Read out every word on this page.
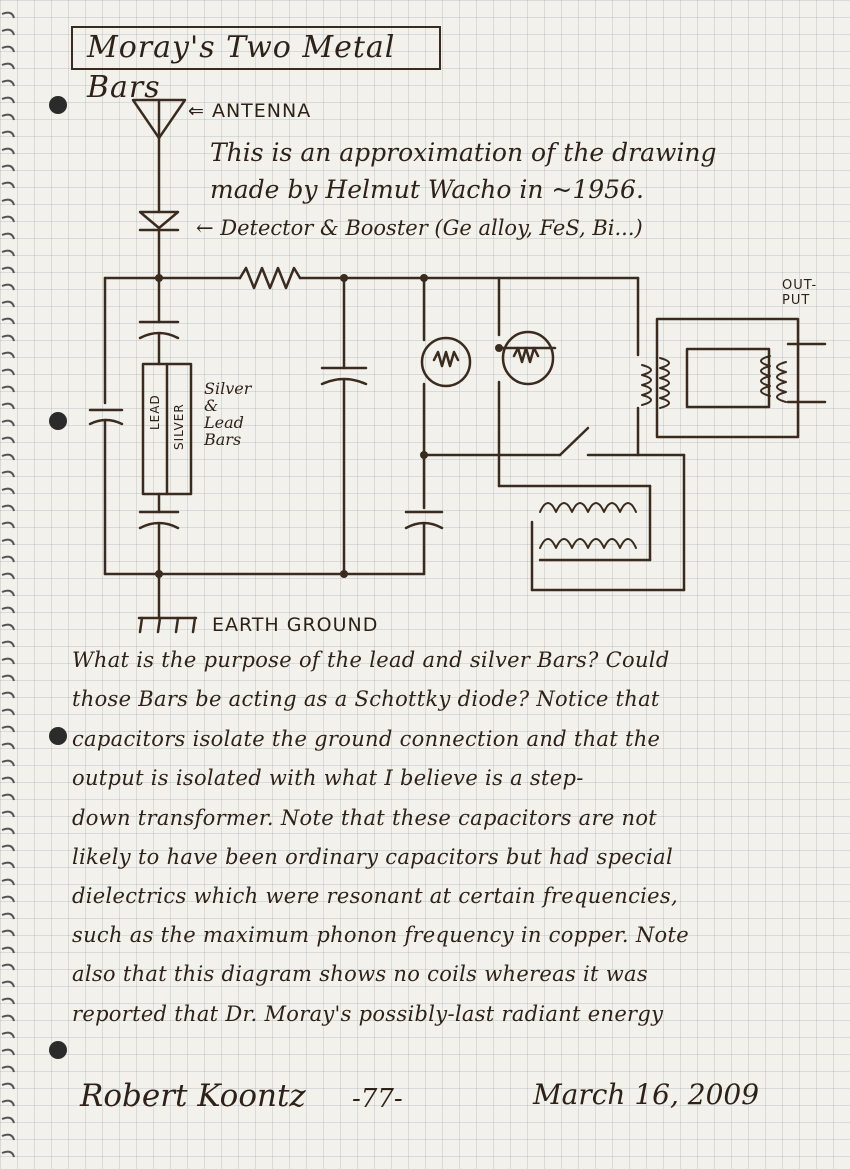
Moray's Two Metal Bars
⇐ ANTENNA
This is an approximation of the drawing
made by Helmut Wacho in ~1956.
← Detector & Booster (Ge alloy, FeS, Bi...)
OUT-
PUT
Silver
&
Lead
Bars
LEAD SILVER
EARTH GROUND
What is the purpose of the lead and silver Bars? Could
those Bars be acting as a Schottky diode? Notice that
capacitors isolate the ground connection and that the
output is isolated with what I believe is a step-
down transformer. Note that these capacitors are not
likely to have been ordinary capacitors but had special
dielectrics which were resonant at certain frequencies,
such as the maximum phonon frequency in copper. Note
also that this diagram shows no coils whereas it was
reported that Dr. Moray's possibly-last radiant energy
Robert Koontz -77-	March 16, 2009
